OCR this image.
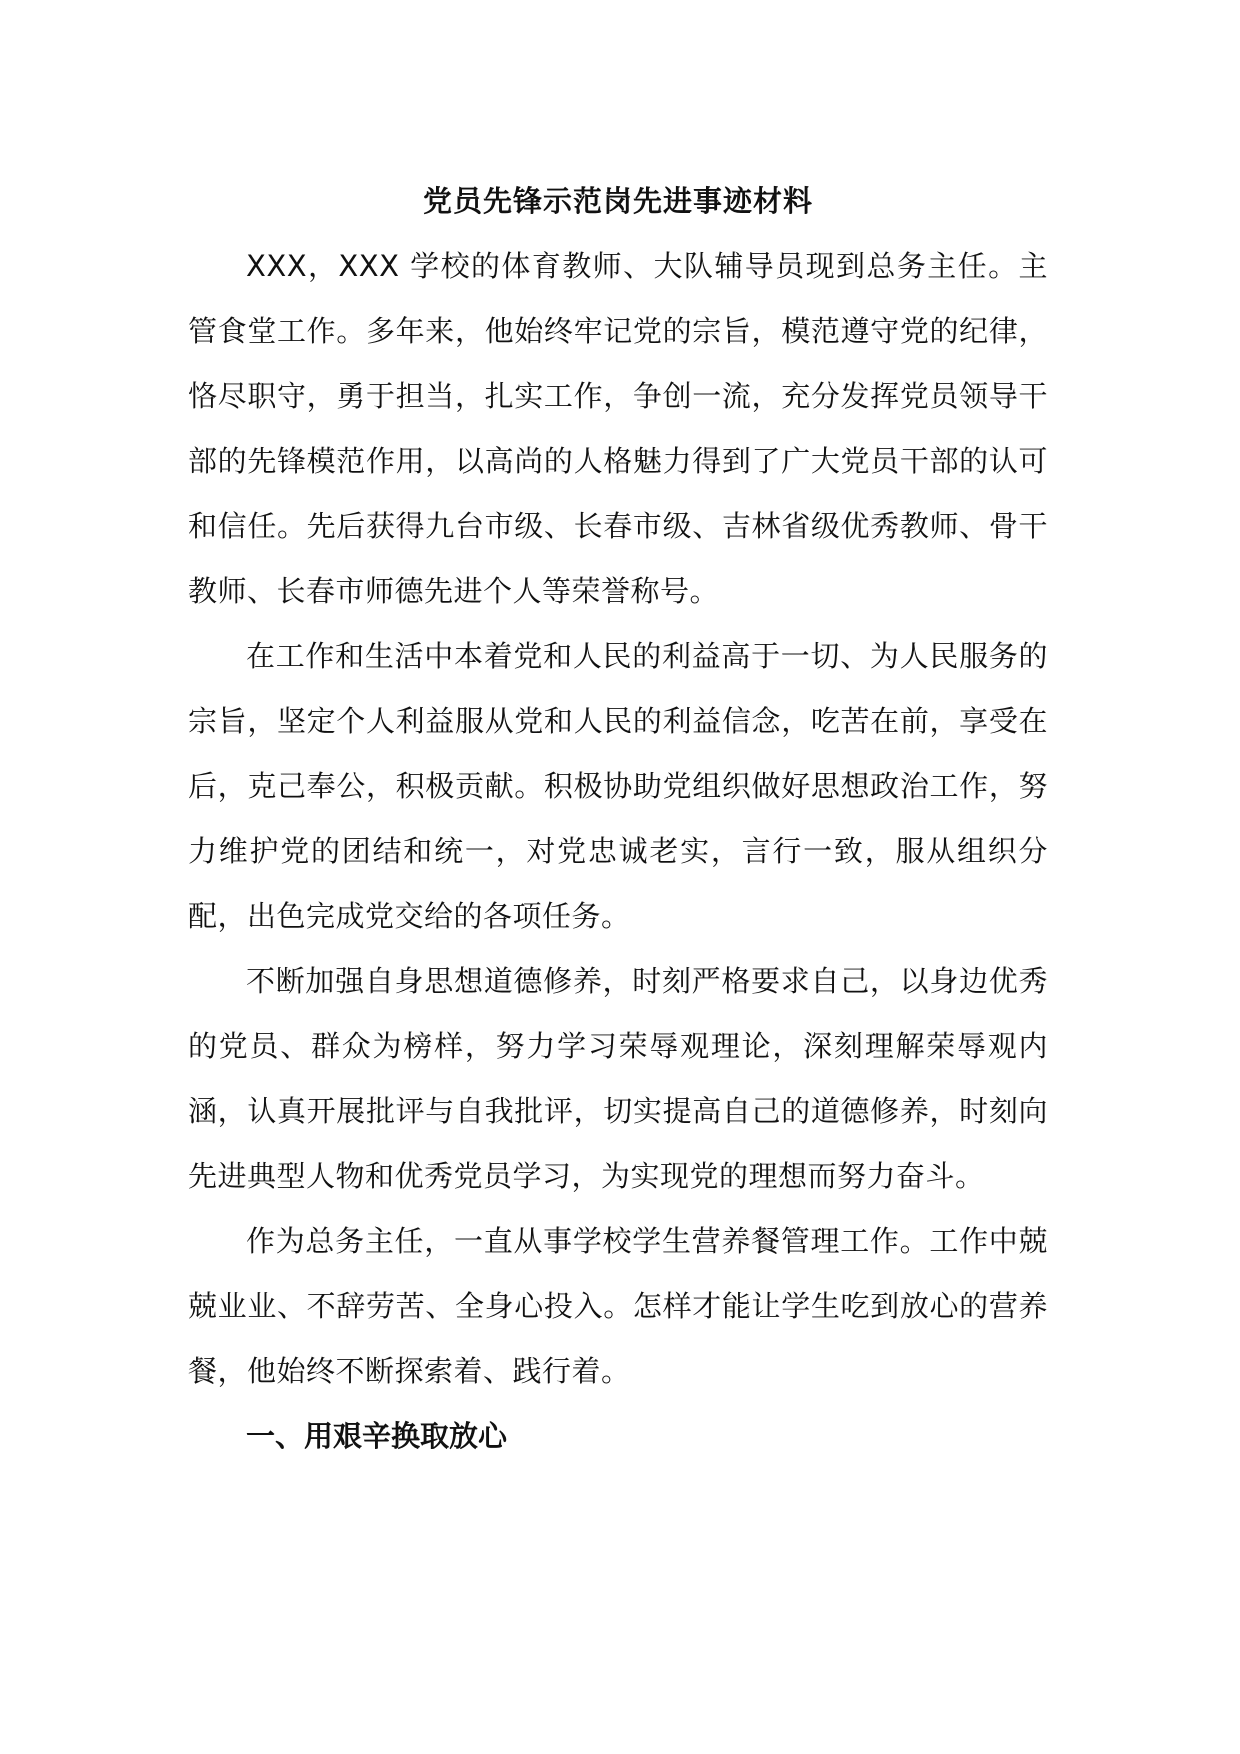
党员先锋示范岗先进事迹材料

XXX，XXX 学校的体育教师、大队辅导员现到总务主任。主管食堂工作。多年来，他始终牢记党的宗旨，模范遵守党的纪律，恪尽职守，勇于担当，扎实工作，争创一流，充分发挥党员领导干部的先锋模范作用，以高尚的人格魅力得到了广大党员干部的认可和信任。先后获得九台市级、长春市级、吉林省级优秀教师、骨干教师、长春市师德先进个人等荣誉称号。

在工作和生活中本着党和人民的利益高于一切、为人民服务的宗旨，坚定个人利益服从党和人民的利益信念，吃苦在前，享受在后，克己奉公，积极贡献。积极协助党组织做好思想政治工作，努力维护党的团结和统一，对党忠诚老实，言行一致，服从组织分配，出色完成党交给的各项任务。

不断加强自身思想道德修养，时刻严格要求自己，以身边优秀的党员、群众为榜样，努力学习荣辱观理论，深刻理解荣辱观内涵，认真开展批评与自我批评，切实提高自己的道德修养，时刻向先进典型人物和优秀党员学习，为实现党的理想而努力奋斗。

作为总务主任，一直从事学校学生营养餐管理工作。工作中兢兢业业、不辞劳苦、全身心投入。怎样才能让学生吃到放心的营养餐，他始终不断探索着、践行着。

一、用艰辛换取放心
